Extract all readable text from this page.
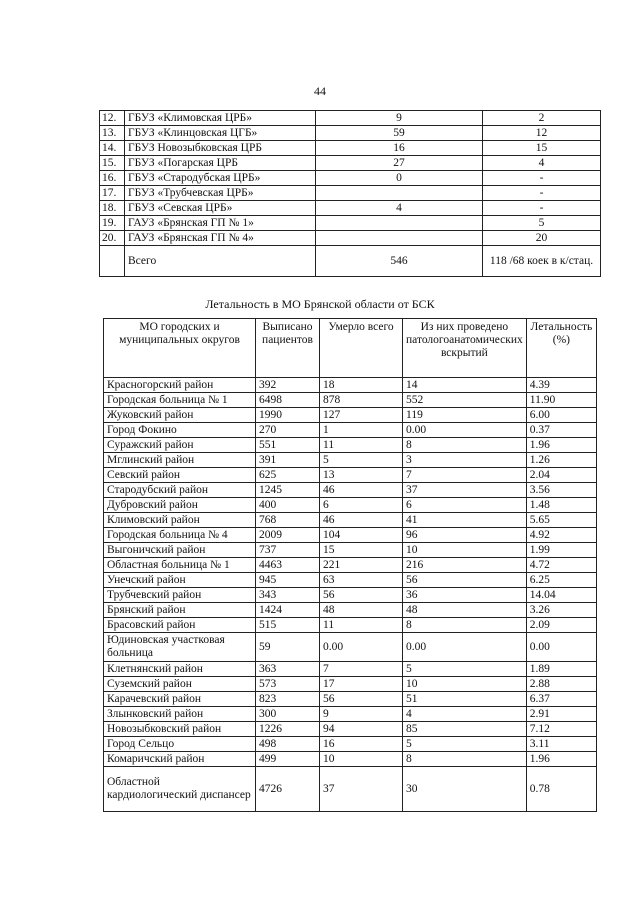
44
12.	ГБУЗ «Климовская ЦРБ»	9	2
13.	ГБУЗ «Клинцовская ЦГБ»	59	12
14.	ГБУЗ Новозыбковская ЦРБ	16	15
15.	ГБУЗ «Погарская ЦРБ	27	4
16.	ГБУЗ «Стародубская ЦРБ»	0	-
17.	ГБУЗ «Трубчевская ЦРБ»		-
18.	ГБУЗ «Севская ЦРБ»	4	-
19.	ГАУЗ «Брянская ГП № 1»		5
20.	ГАУЗ «Брянская ГП № 4»		20
	Всего	546	118 /68 коек в к/стац.
Летальность в МО Брянской области от БСК
МО городских и муниципальных округов	Выписано пациентов	Умерло всего	Из них проведено патологоанатомических вскрытий	Летальность (%)
Красногорский район	392	18	14	4.39
Городская больница № 1	6498	878	552	11.90
Жуковский район	1990	127	119	6.00
Город Фокино	270	1	0.00	0.37
Суражский район	551	11	8	1.96
Мглинский район	391	5	3	1.26
Севский район	625	13	7	2.04
Стародубский район	1245	46	37	3.56
Дубровский район	400	6	6	1.48
Климовский район	768	46	41	5.65
Городская больница № 4	2009	104	96	4.92
Выгоничский район	737	15	10	1.99
Областная больница № 1	4463	221	216	4.72
Унечский район	945	63	56	6.25
Трубчевский район	343	56	36	14.04
Брянский район	1424	48	48	3.26
Брасовский район	515	11	8	2.09
Юдиновская участковая больница	59	0.00	0.00	0.00
Клетнянский район	363	7	5	1.89
Суземский район	573	17	10	2.88
Карачевский район	823	56	51	6.37
Злынковский район	300	9	4	2.91
Новозыбковский район	1226	94	85	7.12
Город Сельцо	498	16	5	3.11
Комаричский район	499	10	8	1.96
Областной кардиологический диспансер	4726	37	30	0.78
